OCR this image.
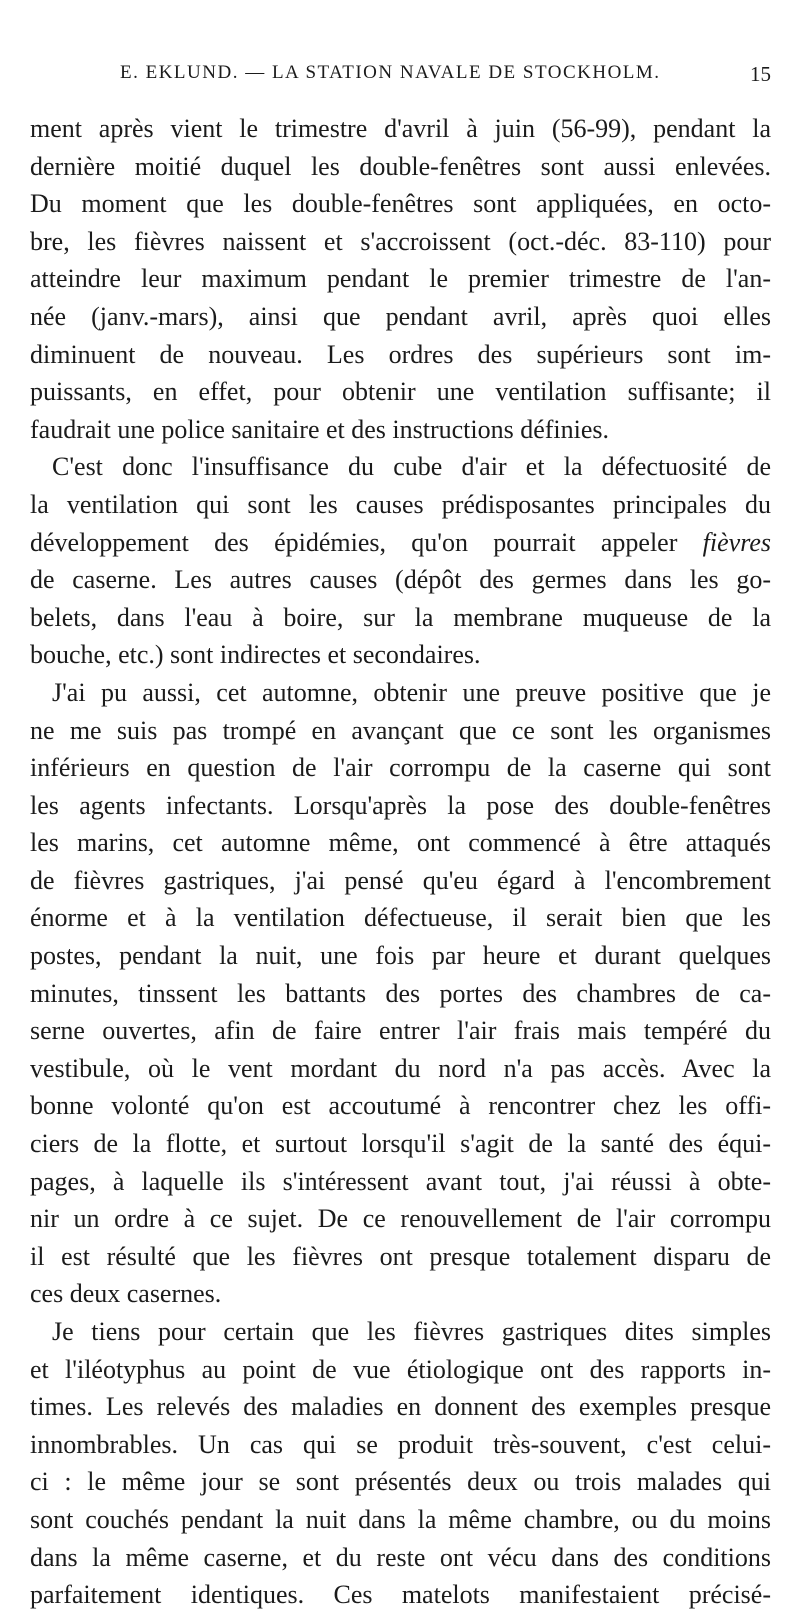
E. EKLUND. — LA STATION NAVALE DE STOCKHOLM.	15
ment après vient le trimestre d'avril à juin (56-99), pendant la
dernière moitié duquel les double-fenêtres sont aussi enlevées.
Du moment que les double-fenêtres sont appliquées, en octo-
bre, les fièvres naissent et s'accroissent (oct.-déc. 83-110) pour
atteindre leur maximum pendant le premier trimestre de l'an-
née (janv.-mars), ainsi que pendant avril, après quoi elles
diminuent de nouveau. Les ordres des supérieurs sont im-
puissants, en effet, pour obtenir une ventilation suffisante; il
faudrait une police sanitaire et des instructions définies.
C'est donc l'insuffisance du cube d'air et la défectuosité de
la ventilation qui sont les causes prédisposantes principales du
développement des épidémies, qu'on pourrait appeler fièvres
de caserne. Les autres causes (dépôt des germes dans les go-
belets, dans l'eau à boire, sur la membrane muqueuse de la
bouche, etc.) sont indirectes et secondaires.
J'ai pu aussi, cet automne, obtenir une preuve positive que je
ne me suis pas trompé en avançant que ce sont les organismes
inférieurs en question de l'air corrompu de la caserne qui sont
les agents infectants. Lorsqu'après la pose des double-fenêtres
les marins, cet automne même, ont commencé à être attaqués
de fièvres gastriques, j'ai pensé qu'eu égard à l'encombrement
énorme et à la ventilation défectueuse, il serait bien que les
postes, pendant la nuit, une fois par heure et durant quelques
minutes, tinssent les battants des portes des chambres de ca-
serne ouvertes, afin de faire entrer l'air frais mais tempéré du
vestibule, où le vent mordant du nord n'a pas accès. Avec la
bonne volonté qu'on est accoutumé à rencontrer chez les offi-
ciers de la flotte, et surtout lorsqu'il s'agit de la santé des équi-
pages, à laquelle ils s'intéressent avant tout, j'ai réussi à obte-
nir un ordre à ce sujet. De ce renouvellement de l'air corrompu
il est résulté que les fièvres ont presque totalement disparu de
ces deux casernes.
Je tiens pour certain que les fièvres gastriques dites simples
et l'iléotyphus au point de vue étiologique ont des rapports in-
times. Les relevés des maladies en donnent des exemples presque
innombrables. Un cas qui se produit très-souvent, c'est celui-
ci : le même jour se sont présentés deux ou trois malades qui
sont couchés pendant la nuit dans la même chambre, ou du moins
dans la même caserne, et du reste ont vécu dans des conditions
parfaitement identiques. Ces matelots manifestaient précisé-
